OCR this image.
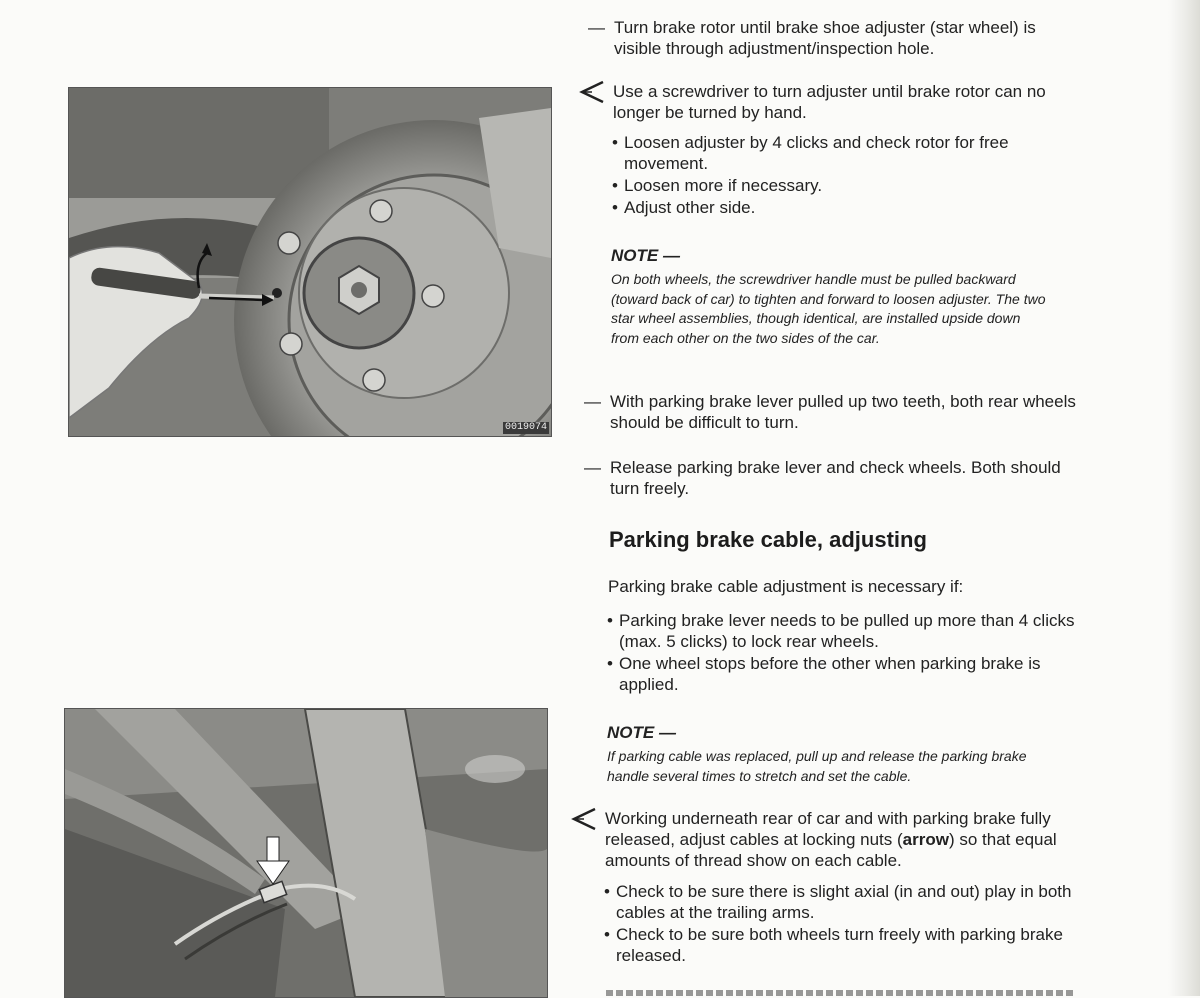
0019074
— Turn brake rotor until brake shoe adjuster (star wheel) is visible through adjustment/inspection hole.
Use a screwdriver to turn adjuster until brake rotor can no longer be turned by hand.
• Loosen adjuster by 4 clicks and check rotor for free movement.
• Loosen more if necessary.
• Adjust other side.
NOTE —
On both wheels, the screwdriver handle must be pulled backward (toward back of car) to tighten and forward to loosen adjuster. The two star wheel assemblies, though identical, are installed upside down from each other on the two sides of the car.
— With parking brake lever pulled up two teeth, both rear wheels should be difficult to turn.
— Release parking brake lever and check wheels. Both should turn freely.
Parking brake cable, adjusting
Parking brake cable adjustment is necessary if:
• Parking brake lever needs to be pulled up more than 4 clicks (max. 5 clicks) to lock rear wheels.
• One wheel stops before the other when parking brake is applied.
NOTE —
If parking cable was replaced, pull up and release the parking brake handle several times to stretch and set the cable.
Working underneath rear of car and with parking brake fully released, adjust cables at locking nuts (arrow) so that equal amounts of thread show on each cable.
• Check to be sure there is slight axial (in and out) play in both cables at the trailing arms.
• Check to be sure both wheels turn freely with parking brake released.
